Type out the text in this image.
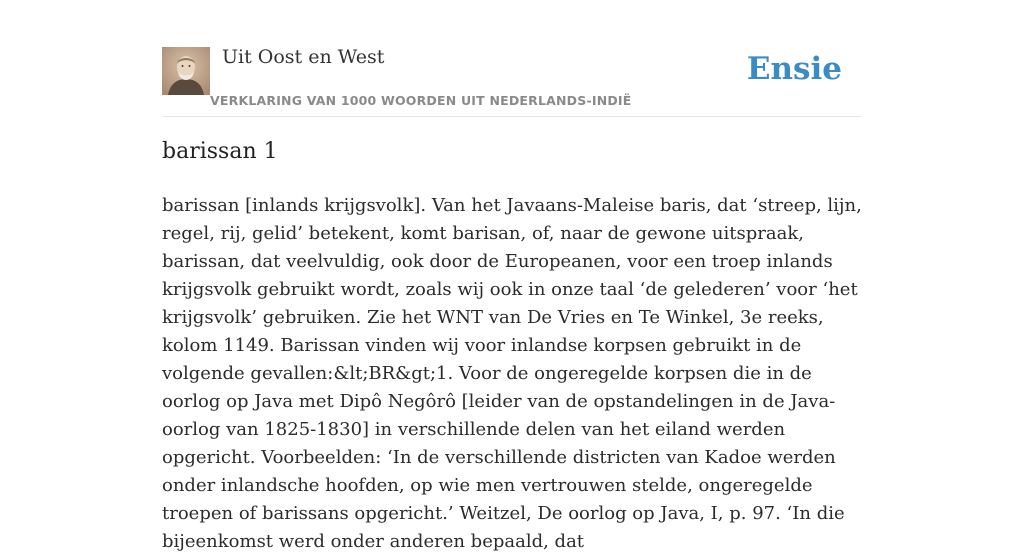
Uit Oost en West
VERKLARING VAN 1000 WOORDEN UIT NEDERLANDS-INDIË
Ensie
barissan 1

barissan [inlands krijgsvolk]. Van het Javaans-Maleise baris, dat ‘streep, lijn, regel, rij, gelid’ betekent, komt barisan, of, naar de gewone uitspraak, barissan, dat veelvuldig, ook door de Europeanen, voor een troep inlands krijgsvolk gebruikt wordt, zoals wij ook in onze taal ‘de gelederen’ voor ‘het krijgsvolk’ gebruiken. Zie het WNT van De Vries en Te Winkel, 3e reeks, kolom 1149. Barissan vinden wij voor inlandse korpsen gebruikt in de volgende gevallen:&lt;BR&gt;1. Voor de ongeregelde korpsen die in de oorlog op Java met Dipô Negôrô [leider van de opstandelingen in de Java-oorlog van 1825-1830] in verschillende delen van het eiland werden opgericht. Voorbeelden: ‘In de verschillende districten van Kadoe werden onder inlandsche hoofden, op wie men vertrouwen stelde, ongeregelde troepen of barissans opgericht.’ Weitzel, De oorlog op Java, I, p. 97. ‘In die bijeenkomst werd onder anderen bepaald, dat
